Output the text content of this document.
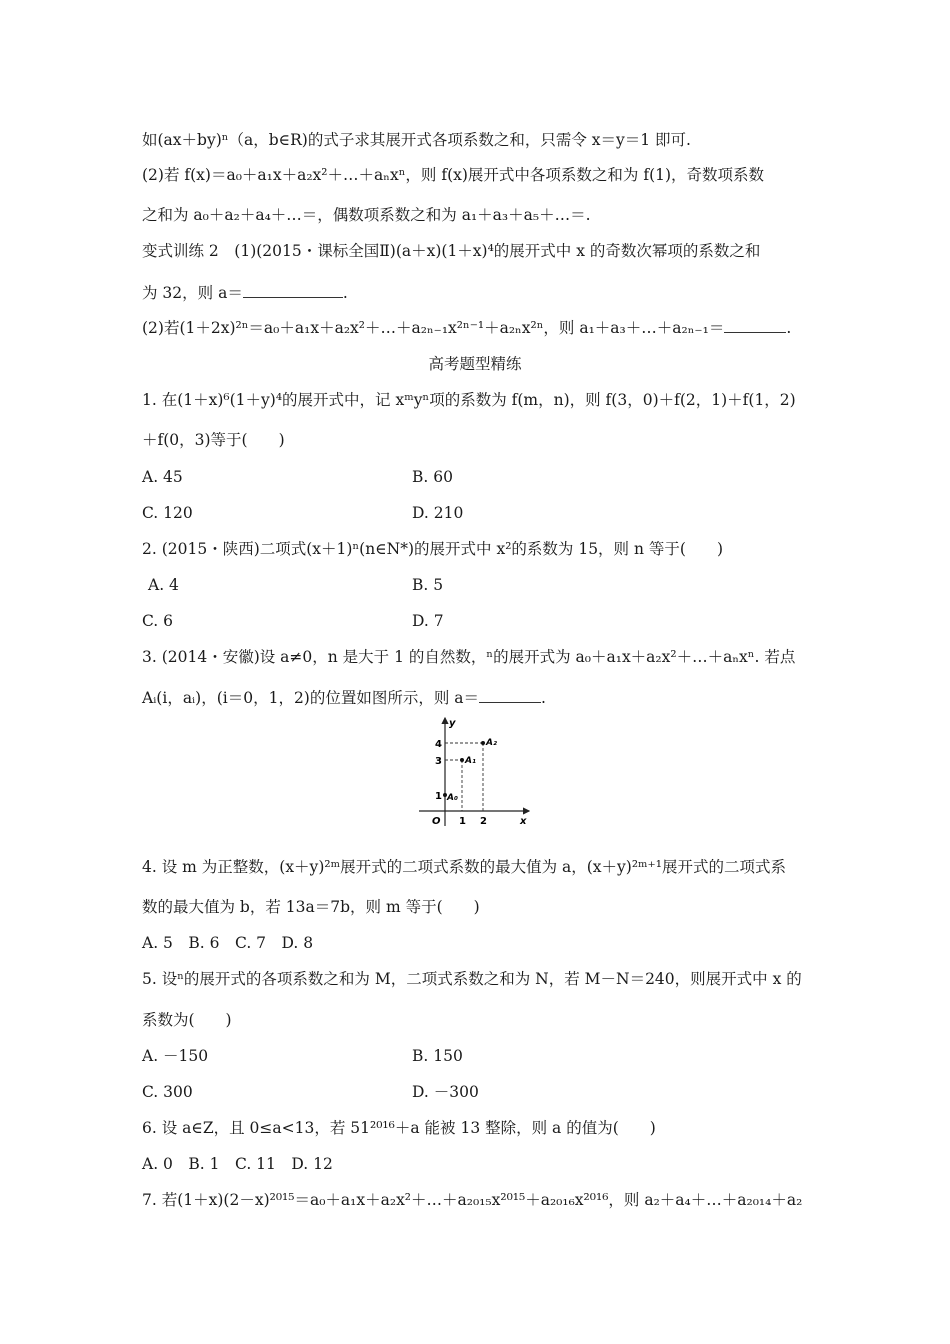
如(ax＋by)ⁿ（a，b∈R)的式子求其展开式各项系数之和，只需令 x＝y＝1 即可.
(2)若 f(x)＝a₀＋a₁x＋a₂x²＋…＋aₙxⁿ，则 f(x)展开式中各项系数之和为 f(1)，奇数项系数
之和为 a₀＋a₂＋a₄＋…＝，偶数项系数之和为 a₁＋a₃＋a₅＋…＝.
变式训练 2　(1)(2015・课标全国Ⅱ)(a＋x)(1＋x)⁴的展开式中 x 的奇数次幂项的系数之和
为 32，则 a＝	.
(2)若(1＋2x)²ⁿ＝a₀＋a₁x＋a₂x²＋…＋a₂ₙ₋₁x²ⁿ⁻¹＋a₂ₙx²ⁿ，则 a₁＋a₃＋…＋a₂ₙ₋₁＝	.
高考题型精练
1. 在(1＋x)⁶(1＋y)⁴的展开式中，记 xᵐyⁿ项的系数为 f(m，n)，则 f(3，0)＋f(2，1)＋f(1，2)
＋f(0，3)等于(　　)
A. 45	B. 60
C. 120	D. 210
2. (2015・陕西)二项式(x＋1)ⁿ(n∈N*)的展开式中 x²的系数为 15，则 n 等于(　　)
A. 4	B. 5
C. 6	D. 7
3. (2014・安徽)设 a≠0，n 是大于 1 的自然数，ⁿ的展开式为 a₀＋a₁x＋a₂x²＋…＋aₙxⁿ. 若点
Aᵢ(i，aᵢ)，(i＝0，1，2)的位置如图所示，则 a＝	.
y
x
O
1
3
4
1 2
A₀
A₁
A₂
4. 设 m 为正整数，(x＋y)²ᵐ展开式的二项式系数的最大值为 a，(x＋y)²ᵐ⁺¹展开式的二项式系
数的最大值为 b，若 13a＝7b，则 m 等于(　　)
A. 5　B. 6　C. 7　D. 8
5. 设ⁿ的展开式的各项系数之和为 M，二项式系数之和为 N，若 M－N＝240，则展开式中 x 的
系数为(　　)
A. －150	B. 150
C. 300	D. －300
6. 设 a∈Z，且 0≤a<13，若 51²⁰¹⁶＋a 能被 13 整除，则 a 的值为(　　)
A. 0　B. 1　C. 11　D. 12
7. 若(1＋x)(2－x)²⁰¹⁵＝a₀＋a₁x＋a₂x²＋…＋a₂₀₁₅x²⁰¹⁵＋a₂₀₁₆x²⁰¹⁶，则 a₂＋a₄＋…＋a₂₀₁₄＋a₂
